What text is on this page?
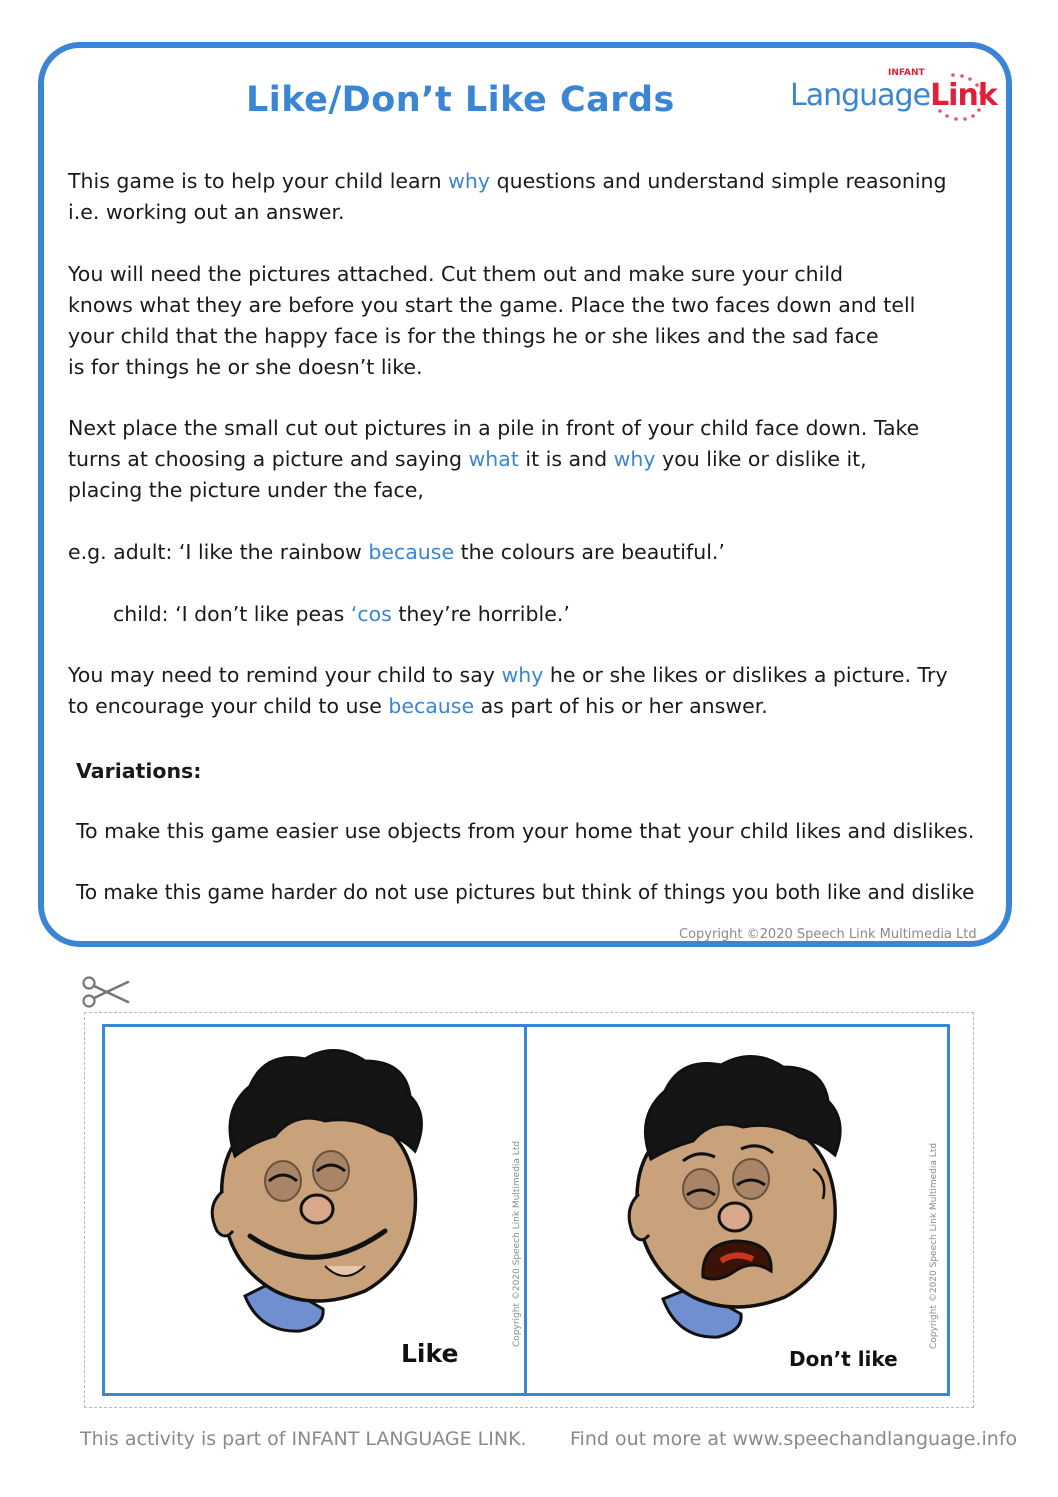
Like/Don’t Like Cards
INFANT
LanguageLink

This game is to help your child learn why questions and understand simple reasoning
i.e. working out an answer.

You will need the pictures attached. Cut them out and make sure your child
knows what they are before you start the game. Place the two faces down and tell
your child that the happy face is for the things he or she likes and the sad face
is for things he or she doesn’t like.

Next place the small cut out pictures in a pile in front of your child face down. Take
turns at choosing a picture and saying what it is and why you like or dislike it,
placing the picture under the face,

e.g. adult: ‘I like the rainbow because the colours are beautiful.’

child: ‘I don’t like peas ‘cos they’re horrible.’

You may need to remind your child to say why he or she likes or dislikes a picture. Try
to encourage your child to use because as part of his or her answer.

Variations:

To make this game easier use objects from your home that your child likes and dislikes.

To make this game harder do not use pictures but think of things you both like and dislike

Copyright ©2020 Speech Link Multimedia Ltd
Like
Copyright ©2020 Speech Link Multimedia Ltd
Don’t like
Copyright ©2020 Speech Link Multimedia Ltd
This activity is part of INFANT LANGUAGE LINK. Find out more at www.speechandlanguage.info
